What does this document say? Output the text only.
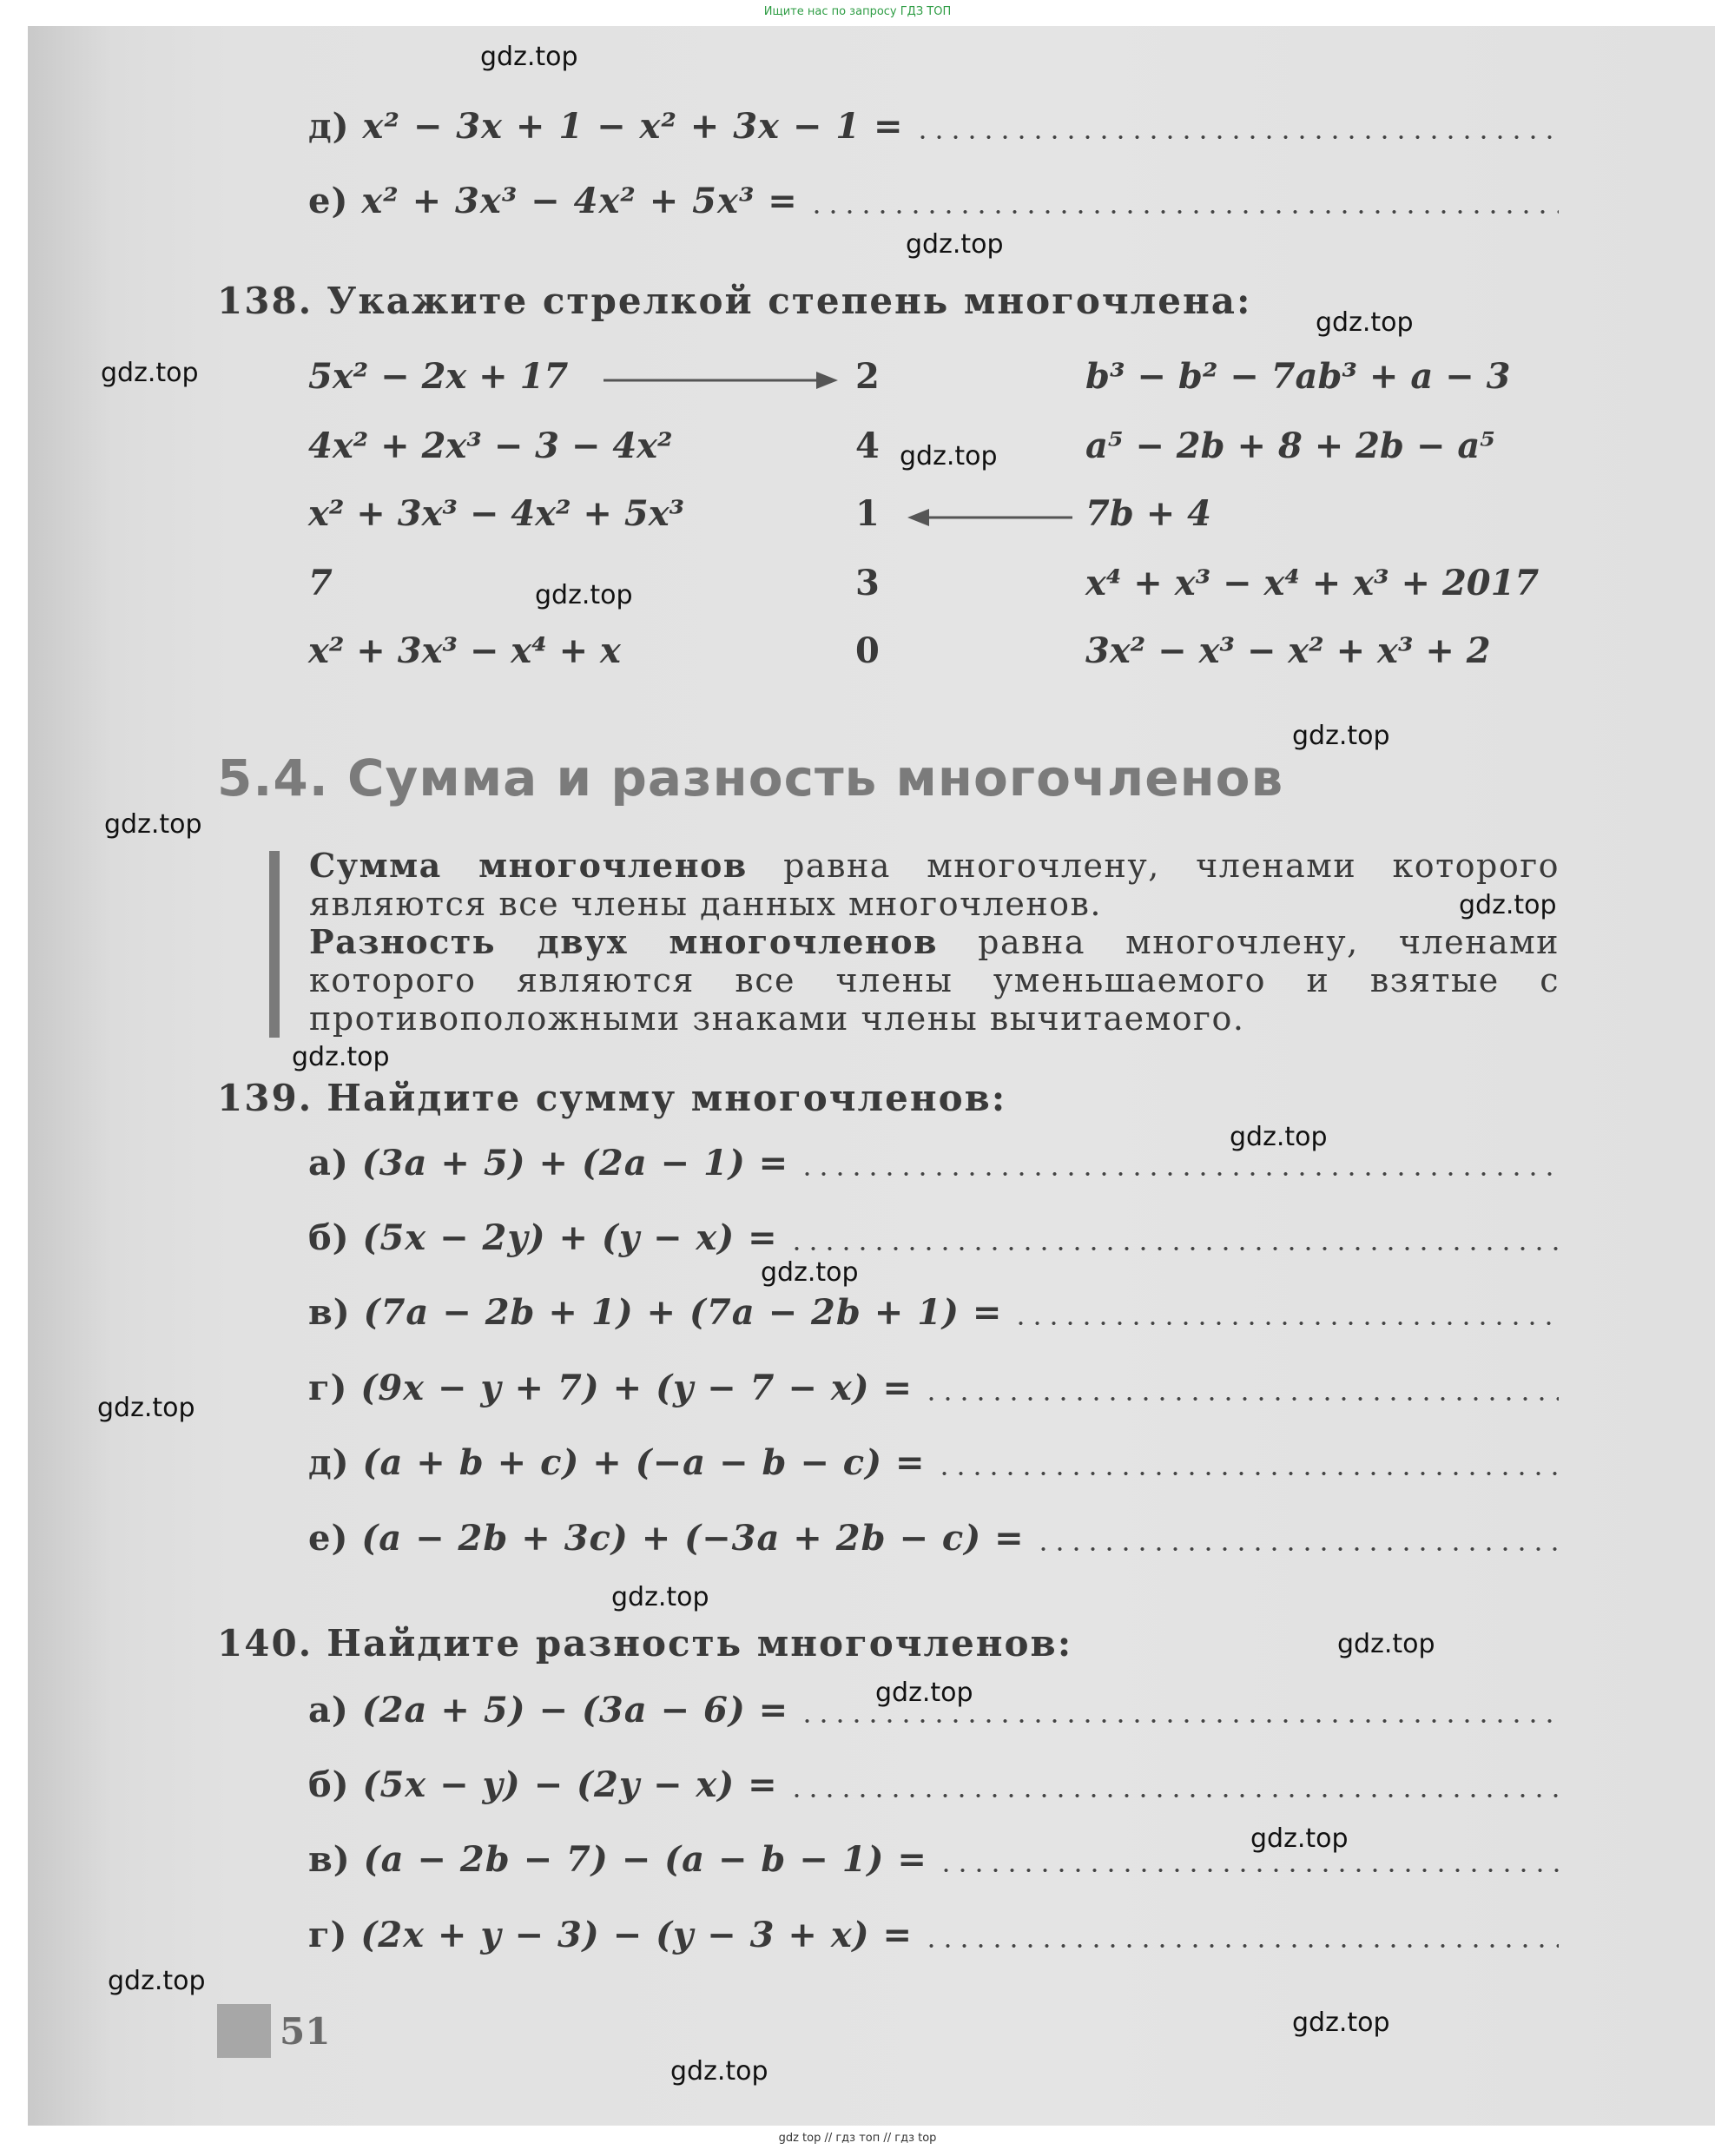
Ищите нас по запросу ГДЗ ТОП
д)
x² − 3x + 1 − x² + 3x − 1 =
е)
x² + 3x³ − 4x² + 5x³ =
138. Укажите стрелкой степень многочлена:
5x² − 2x + 17
4x² + 2x³ − 3 − 4x²
x² + 3x³ − 4x² + 5x³
7
x² + 3x³ − x⁴ + x
2
4
1
3
0
b³ − b² − 7ab³ + a − 3
a⁵ − 2b + 8 + 2b − a⁵
7b + 4
x⁴ + x³ − x⁴ + x³ + 2017
3x² − x³ − x² + x³ + 2
5.4. Сумма и разность многочленов
Сумма многочленов равна многочлену, членами которого являются все члены данных многочленов.
Разность двух многочленов равна многочлену, членами которого являются все члены уменьшаемого и взятые с противоположными знаками члены вычитаемого.
139. Найдите сумму многочленов:
а)
(3a + 5) + (2a − 1) =
б)
(5x − 2y) + (y − x) =
в)
(7a − 2b + 1) + (7a − 2b + 1) =
г)
(9x − y + 7) + (y − 7 − x) =
д)
(a + b + c) + (−a − b − c) =
е)
(a − 2b + 3c) + (−3a + 2b − c) =
140. Найдите разность многочленов:
а)
(2a + 5) − (3a − 6) =
б)
(5x − y) − (2y − x) =
в)
(a − 2b − 7) − (a − b − 1) =
г)
(2x + y − 3) − (y − 3 + x) =
51
gdz.top
gdz.top
gdz.top
gdz.top
gdz.top
gdz.top
gdz.top
gdz.top
gdz.top
gdz.top
gdz.top
gdz.top
gdz.top
gdz.top
gdz.top
gdz.top
gdz.top
gdz.top
gdz.top
gdz.top
gdz top // гдз топ // гдз top
